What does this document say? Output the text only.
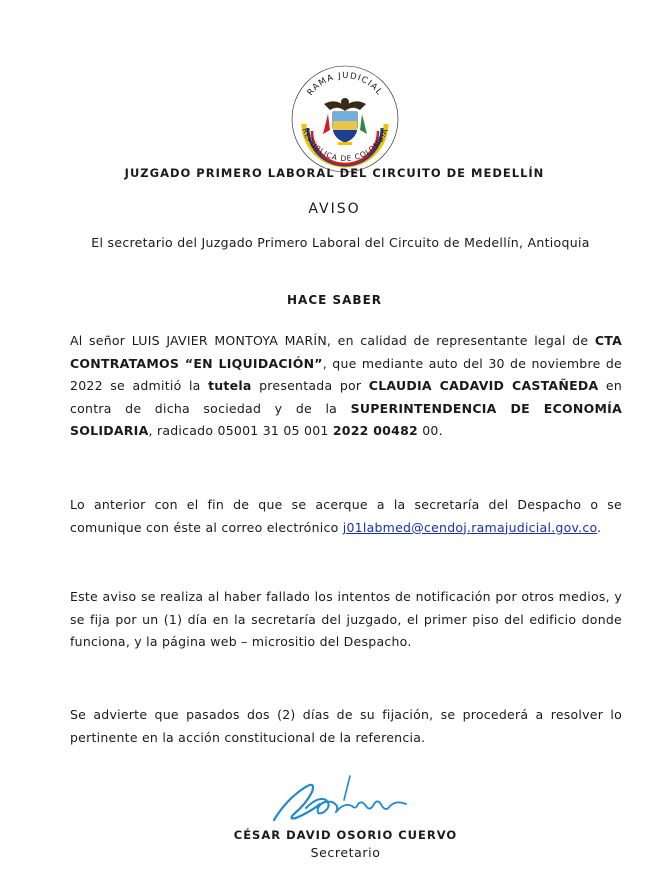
RAMA JUDICIAL
REPÚBLICA DE COLOMBIA
JUZGADO PRIMERO LABORAL DEL CIRCUITO DE MEDELLÍN
AVISO
El secretario del Juzgado Primero Laboral del Circuito de Medellín, Antioquia
HACE SABER
Al señor LUIS JAVIER MONTOYA MARÍN, en calidad de representante legal de CTA CONTRATAMOS “EN LIQUIDACIÓN”, que mediante auto del 30 de noviembre de 2022 se admitió la tutela presentada por CLAUDIA CADAVID CASTAÑEDA en contra de dicha sociedad y de la SUPERINTENDENCIA DE ECONOMÍA SOLIDARIA, radicado 05001 31 05 001 2022 00482 00.
Lo anterior con el fin de que se acerque a la secretaría del Despacho o se comunique con éste al correo electrónico j01labmed@cendoj.ramajudicial.gov.co.
Este aviso se realiza al haber fallado los intentos de notificación por otros medios, y se fija por un (1) día en la secretaría del juzgado, el primer piso del edificio donde funciona, y la página web – micrositio del Despacho.
Se advierte que pasados dos (2) días de su fijación, se procederá a resolver lo pertinente en la acción constitucional de la referencia.
CÉSAR DAVID OSORIO CUERVO
Secretario
